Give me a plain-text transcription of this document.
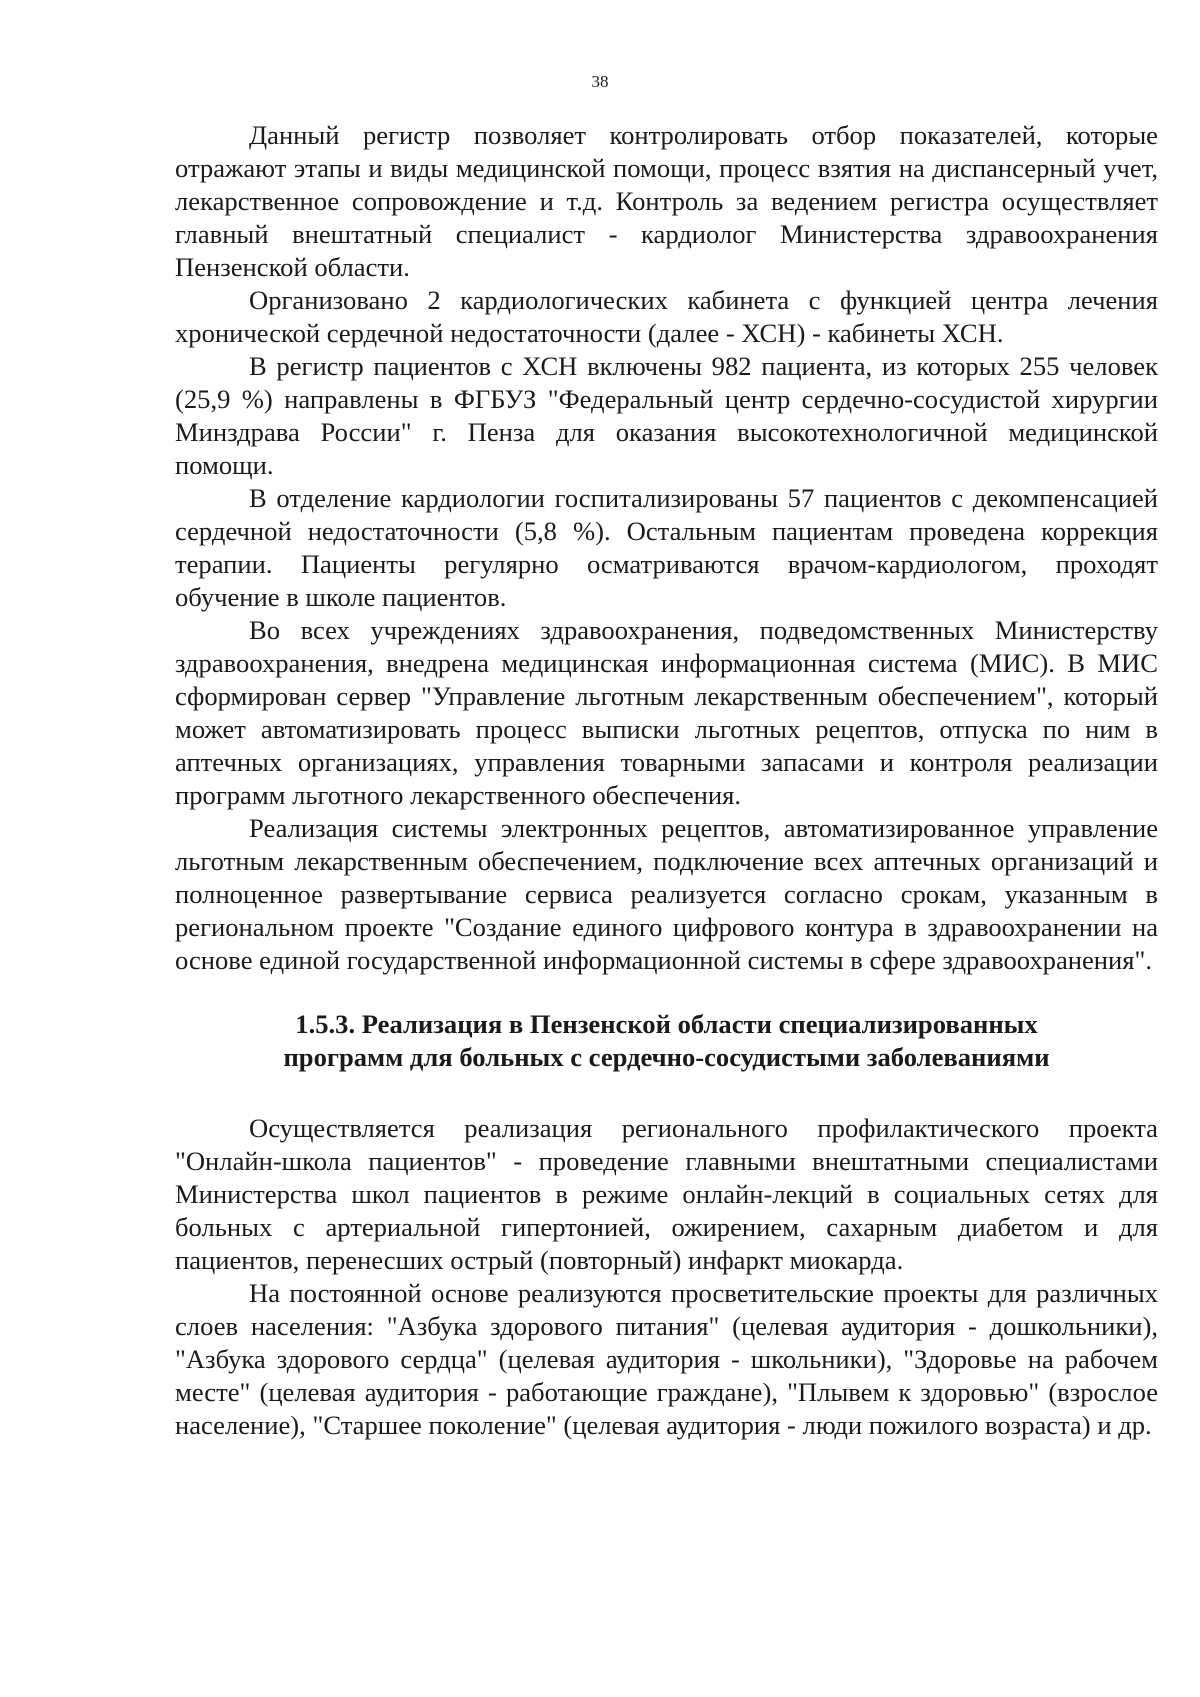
38

Данный регистр позволяет контролировать отбор показателей, которые отражают этапы и виды медицинской помощи, процесс взятия на диспансерный учет, лекарственное сопровождение и т.д. Контроль за ведением регистра осуществляет главный внештатный специалист - кардиолог Министерства здравоохранения Пензенской области.

Организовано 2 кардиологических кабинета с функцией центра лечения хронической сердечной недостаточности (далее - ХСН) - кабинеты ХСН.

В регистр пациентов с ХСН включены 982 пациента, из которых 255 человек (25,9 %) направлены в ФГБУЗ "Федеральный центр сердечно-сосудистой хирургии Минздрава России" г. Пенза для оказания высокотехнологичной медицинской помощи.

В отделение кардиологии госпитализированы 57 пациентов с декомпенсацией сердечной недостаточности (5,8 %). Остальным пациентам проведена коррекция терапии. Пациенты регулярно осматриваются врачом-кардиологом, проходят обучение в школе пациентов.

Во всех учреждениях здравоохранения, подведомственных Министерству здравоохранения, внедрена медицинская информационная система (МИС). В МИС сформирован сервер "Управление льготным лекарственным обеспечением", который может автоматизировать процесс выписки льготных рецептов, отпуска по ним в аптечных организациях, управления товарными запасами и контроля реализации программ льготного лекарственного обеспечения.

Реализация системы электронных рецептов, автоматизированное управление льготным лекарственным обеспечением, подключение всех аптечных организаций и полноценное развертывание сервиса реализуется согласно срокам, указанным в региональном проекте "Создание единого цифрового контура в здравоохранении на основе единой государственной информационной системы в сфере здравоохранения".

1.5.3. Реализация в Пензенской области специализированных программ для больных с сердечно-сосудистыми заболеваниями

Осуществляется реализация регионального профилактического проекта "Онлайн-школа пациентов" - проведение главными внештатными специалистами Министерства школ пациентов в режиме онлайн-лекций в социальных сетях для больных с артериальной гипертонией, ожирением, сахарным диабетом и для пациентов, перенесших острый (повторный) инфаркт миокарда.

На постоянной основе реализуются просветительские проекты для различных слоев населения: "Азбука здорового питания" (целевая аудитория - дошкольники), "Азбука здорового сердца" (целевая аудитория - школьники), "Здоровье на рабочем месте" (целевая аудитория - работающие граждане), "Плывем к здоровью" (взрослое население), "Старшее поколение" (целевая аудитория - люди пожилого возраста) и др.
